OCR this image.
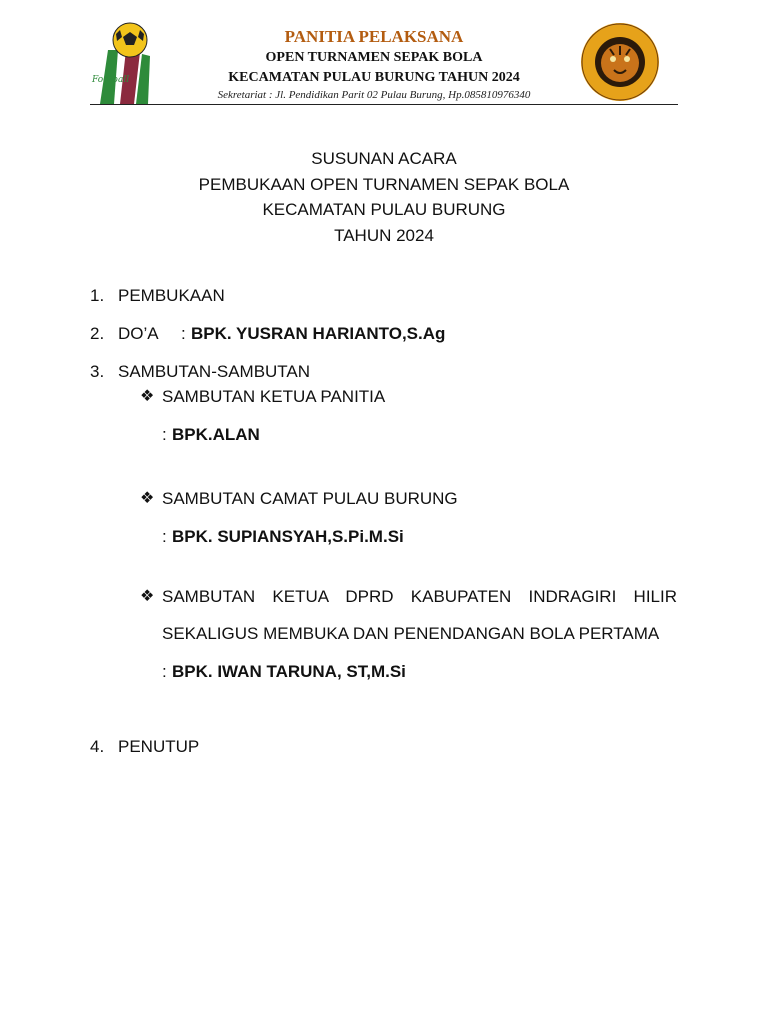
Football
PANITIA PELAKSANA
OPEN TURNAMEN SEPAK BOLA
KECAMATAN PULAU BURUNG TAHUN 2024
Sekretariat : Jl. Pendidikan Parit 02 Pulau Burung, Hp.085810976340
SUSUNAN ACARA
PEMBUKAAN OPEN TURNAMEN SEPAK BOLA
KECAMATAN PULAU BURUNG
TAHUN 2024
1. PEMBUKAAN
2. DO’A : BPK. YUSRAN HARIANTO,S.Ag
3. SAMBUTAN-SAMBUTAN
❖ SAMBUTAN KETUA PANITIA
: BPK.ALAN
❖ SAMBUTAN CAMAT PULAU BURUNG
: BPK. SUPIANSYAH,S.Pi.M.Si
❖ SAMBUTAN KETUA DPRD KABUPATEN INDRAGIRI HILIR
SEKALIGUS MEMBUKA DAN PENENDANGAN BOLA PERTAMA
: BPK. IWAN TARUNA, ST,M.Si
4. PENUTUP
